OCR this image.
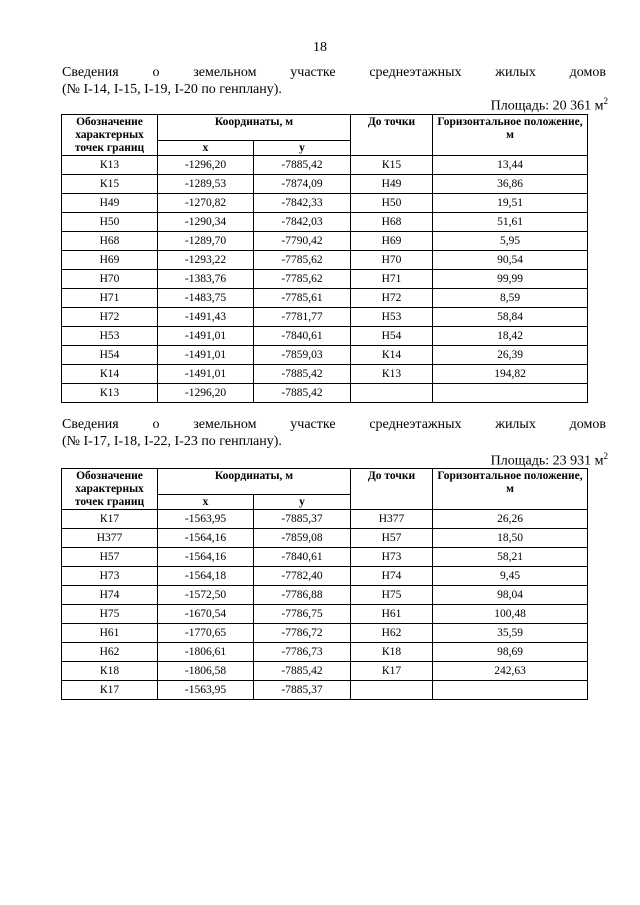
18
Сведения о земельном участке среднеэтажных жилых домов
(№ I-14, I-15, I-19, I-20 по генплану).
Площадь: 20 361 $м^2$
Обозначение характерных точек границ	Координаты, м		До точки	Горизонтальное положение, м
	x	y		
К13	-1296,20	-7885,42	К15	13,44
К15	-1289,53	-7874,09	Н49	36,86
Н49	-1270,82	-7842,33	Н50	19,51
Н50	-1290,34	-7842,03	Н68	51,61
Н68	-1289,70	-7790,42	Н69	5,95
Н69	-1293,22	-7785,62	Н70	90,54
Н70	-1383,76	-7785,62	Н71	99,99
Н71	-1483,75	-7785,61	Н72	8,59
Н72	-1491,43	-7781,77	Н53	58,84
Н53	-1491,01	-7840,61	Н54	18,42
Н54	-1491,01	-7859,03	К14	26,39
К14	-1491,01	-7885,42	К13	194,82
К13	-1296,20	-7885,42		
Сведения о земельном участке среднеэтажных жилых домов
(№ I-17, I-18, I-22, I-23 по генплану).
Площадь: 23 931 $м^2$
Обозначение характерных точек границ	Координаты, м		До точки	Горизонтальное положение, м
	x	y		
К17	-1563,95	-7885,37	Н377	26,26
Н377	-1564,16	-7859,08	Н57	18,50
Н57	-1564,16	-7840,61	Н73	58,21
Н73	-1564,18	-7782,40	Н74	9,45
Н74	-1572,50	-7786,88	Н75	98,04
Н75	-1670,54	-7786,75	Н61	100,48
Н61	-1770,65	-7786,72	Н62	35,59
Н62	-1806,61	-7786,73	К18	98,69
К18	-1806,58	-7885,42	К17	242,63
К17	-1563,95	-7885,37		
